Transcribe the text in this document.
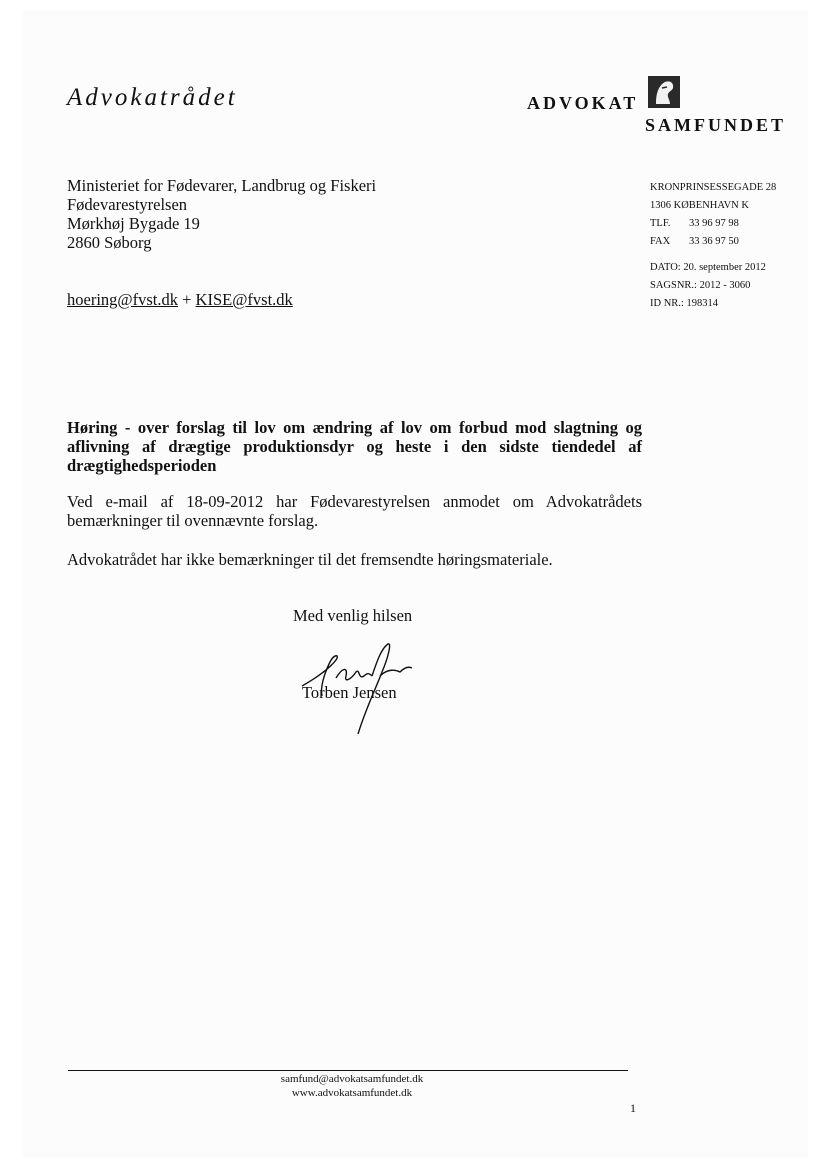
Advokatrådet	ADVOKAT
SAMFUNDET
Ministeriet for Fødevarer, Landbrug og Fiskeri
Fødevarestyrelsen
Mørkhøj Bygade 19
2860 Søborg
hoering@fvst.dk + KISE@fvst.dk
KRONPRINSESSEGADE 28
1306 KØBENHAVN K
TLF.	33 96 97 98
FAX	33 36 97 50
DATO: 20. september 2012
SAGSNR.: 2012 - 3060
ID NR.: 198314
Høring - over forslag til lov om ændring af lov om forbud mod slagtning og aflivning af drægtige produktionsdyr og heste i den sidste tiendedel af drægtighedsperioden
Ved e-mail af 18-09-2012 har Fødevarestyrelsen anmodet om Advokatrådets bemærkninger til ovennævnte forslag.
Advokatrådet har ikke bemærkninger til det fremsendte høringsmateriale.
Med venlig hilsen
Torben Jensen
samfund@advokatsamfundet.dk
www.advokatsamfundet.dk
1
